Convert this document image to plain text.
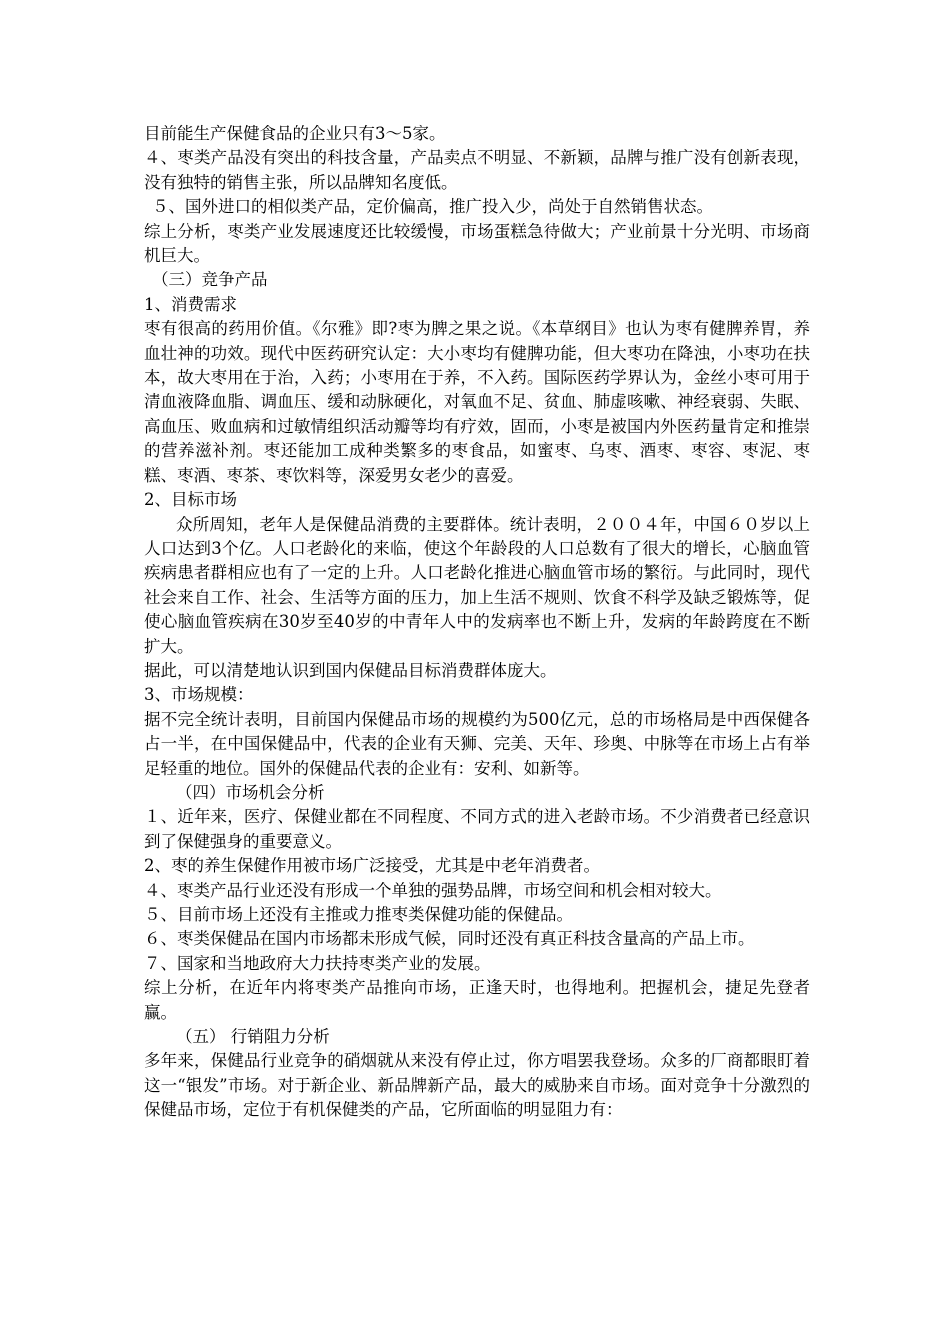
目前能生产保健食品的企业只有3～5家。

４、枣类产品没有突出的科技含量，产品卖点不明显、不新颖，品牌与推广没有创新表现，没有独特的销售主张，所以品牌知名度低。

５、国外进口的相似类产品，定价偏高，推广投入少，尚处于自然销售状态。

综上分析，枣类产业发展速度还比较缓慢，市场蛋糕急待做大；产业前景十分光明、市场商机巨大。

（三）竞争产品

1、消费需求

枣有很高的药用价值。《尔雅》即?枣为脾之果之说。《本草纲目》也认为枣有健脾养胃，养血壮神的功效。现代中医药研究认定：大小枣均有健脾功能，但大枣功在降浊，小枣功在扶本，故大枣用在于治，入药；小枣用在于养，不入药。国际医药学界认为，金丝小枣可用于清血液降血脂、调血压、缓和动脉硬化，对氧血不足、贫血、肺虚咳嗽、神经衰弱、失眠、高血压、败血病和过敏情组织活动瓣等均有疗效，固而，小枣是被国内外医药量肯定和推崇的营养滋补剂。枣还能加工成种类繁多的枣食品，如蜜枣、乌枣、酒枣、枣容、枣泥、枣糕、枣酒、枣茶、枣饮料等，深爱男女老少的喜爱。

2、目标市场

众所周知，老年人是保健品消费的主要群体。统计表明，２００４年，中国６０岁以上人口达到3个亿。人口老龄化的来临，使这个年龄段的人口总数有了很大的增长，心脑血管疾病患者群相应也有了一定的上升。人口老龄化推进心脑血管市场的繁衍。与此同时，现代社会来自工作、社会、生活等方面的压力，加上生活不规则、饮食不科学及缺乏锻炼等，促使心脑血管疾病在30岁至40岁的中青年人中的发病率也不断上升，发病的年龄跨度在不断扩大。

据此，可以清楚地认识到国内保健品目标消费群体庞大。

3、市场规模：

据不完全统计表明，目前国内保健品市场的规模约为500亿元，总的市场格局是中西保健各占一半，在中国保健品中，代表的企业有天狮、完美、天年、珍奥、中脉等在市场上占有举足轻重的地位。国外的保健品代表的企业有：安利、如新等。

（四）市场机会分析

１、近年来，医疗、保健业都在不同程度、不同方式的进入老龄市场。不少消费者已经意识到了保健强身的重要意义。

2、枣的养生保健作用被市场广泛接受，尤其是中老年消费者。

４、枣类产品行业还没有形成一个单独的强势品牌，市场空间和机会相对较大。

５、目前市场上还没有主推或力推枣类保健功能的保健品。

６、枣类保健品在国内市场都未形成气候，同时还没有真正科技含量高的产品上市。

７、国家和当地政府大力扶持枣类产业的发展。

综上分析，在近年内将枣类产品推向市场，正逢天时，也得地利。把握机会，捷足先登者赢。

（五） 行销阻力分析

多年来，保健品行业竞争的硝烟就从来没有停止过，你方唱罢我登场。众多的厂商都眼盯着这一“银发”市场。对于新企业、新品牌新产品，最大的威胁来自市场。面对竞争十分激烈的保健品市场，定位于有机保健类的产品，它所面临的明显阻力有：
